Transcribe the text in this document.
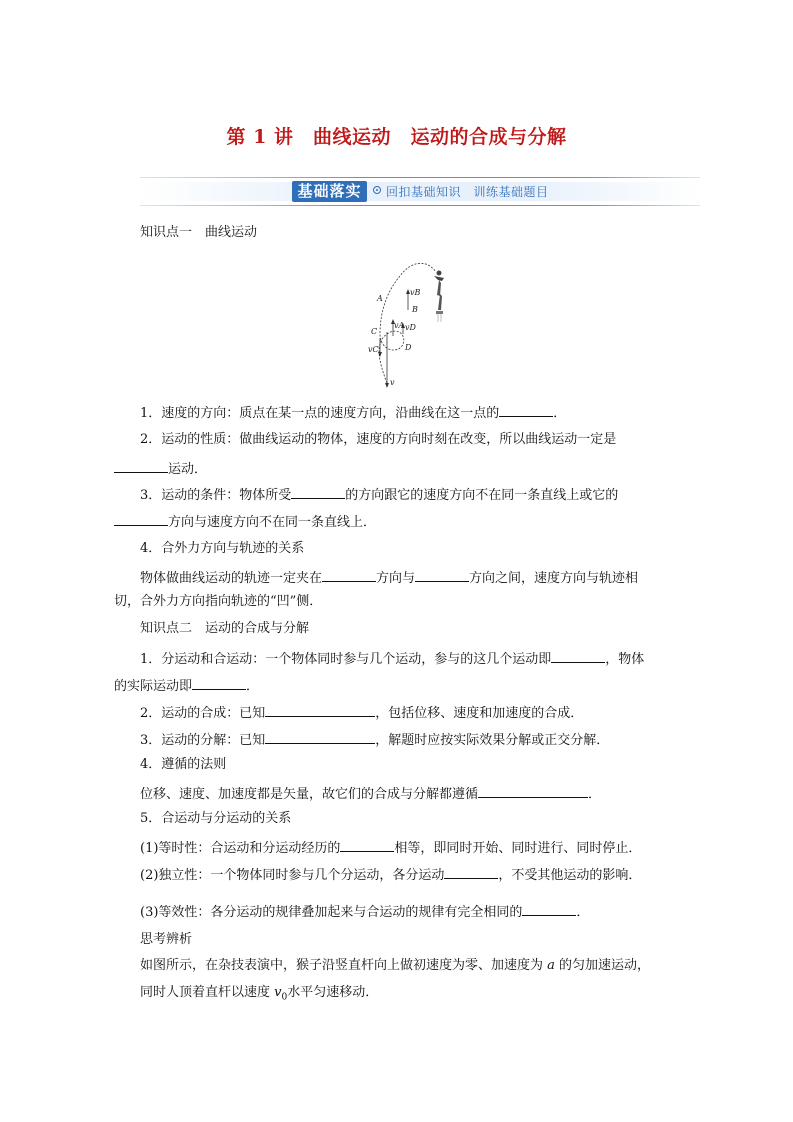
第 1 讲　曲线运动　运动的合成与分解
基础落实	回扣基础知识　训练基础题目
知识点一　曲线运动
A
B
C
D
vA
vB
vC
vD
v
1．速度的方向：质点在某一点的速度方向，沿曲线在这一点的	．
2．运动的性质：做曲线运动的物体，速度的方向时刻在改变，所以曲线运动一定是
运动．
3．运动的条件：物体所受	的方向跟它的速度方向不在同一条直线上或它的
方向与速度方向不在同一条直线上．
4．合外力方向与轨迹的关系
物体做曲线运动的轨迹一定夹在	方向与	方向之间，速度方向与轨迹相
切，合外力方向指向轨迹的“凹”侧．
知识点二　运动的合成与分解
1．分运动和合运动：一个物体同时参与几个运动，参与的这几个运动即	，物体
的实际运动即	．
2．运动的合成：已知	，包括位移、速度和加速度的合成．
3．运动的分解：已知	，解题时应按实际效果分解或正交分解．
4．遵循的法则
位移、速度、加速度都是矢量，故它们的合成与分解都遵循	．
5．合运动与分运动的关系
(1)等时性：合运动和分运动经历的	相等，即同时开始、同时进行、同时停止．
(2)独立性：一个物体同时参与几个分运动，各分运动	，不受其他运动的影响．
(3)等效性：各分运动的规律叠加起来与合运动的规律有完全相同的	．
思考辨析
如图所示，在杂技表演中，猴子沿竖直杆向上做初速度为零、加速度为 a 的匀加速运动，
同时人顶着直杆以速度 $v_0$水平匀速移动．
